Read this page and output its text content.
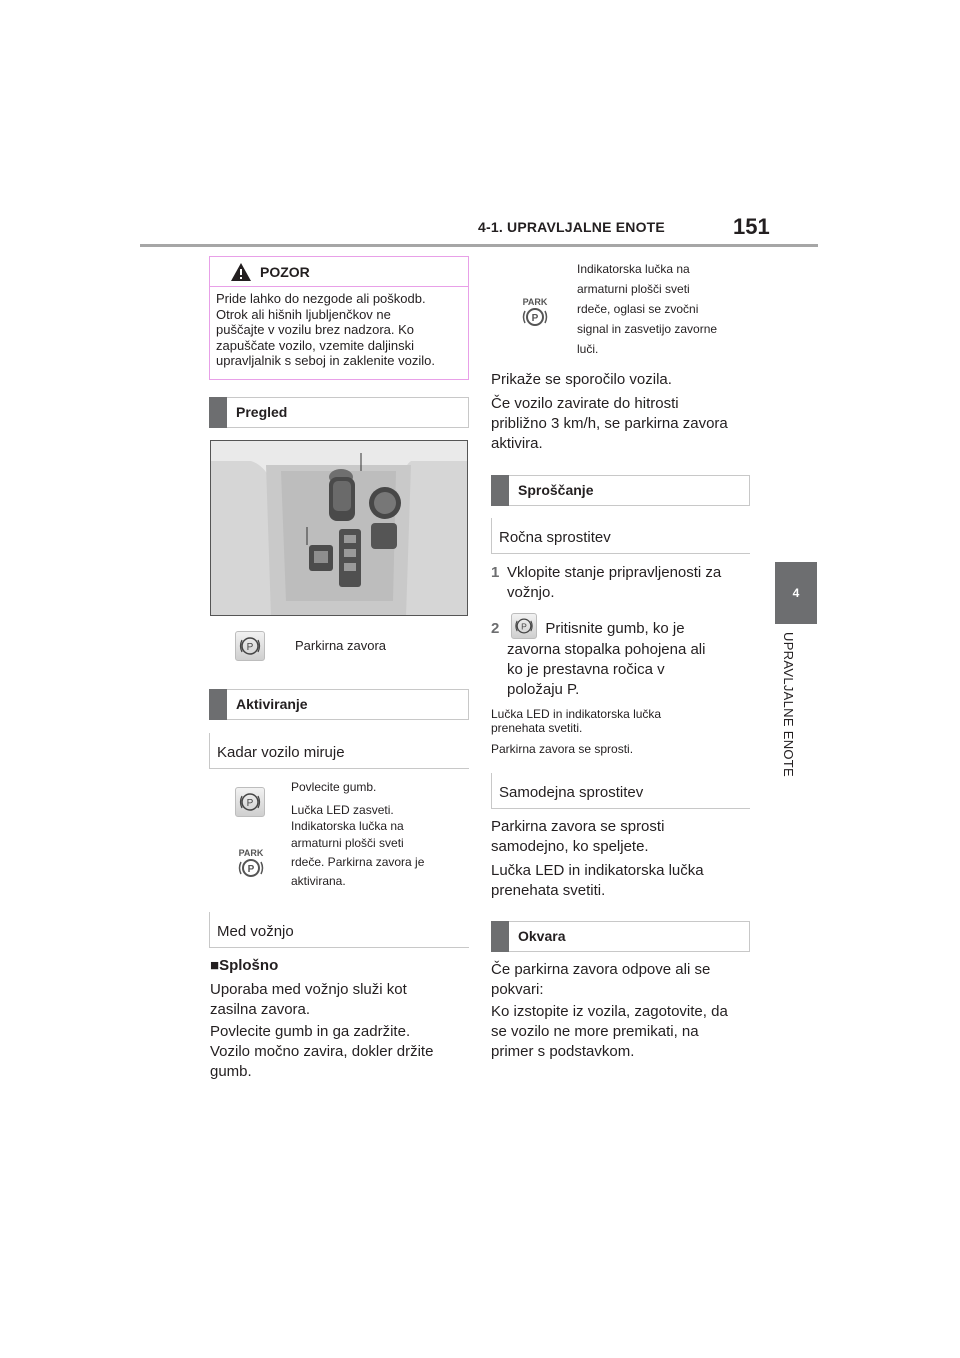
4-1. UPRAVLJALNE ENOTE	151
4
UPRAVLJALNE ENOTE
POZOR
Pride lahko do nezgode ali poškodb.
Otrok ali hišnih ljubljenčkov ne
puščajte v vozilu brez nadzora. Ko
zapuščate vozilo, vzemite daljinski
upravljalnik s seboj in zaklenite vozilo.
Pregled
P	Parkirna zavora
Aktiviranje
Kadar vozilo miruje
P
PARK
P
Povlecite gumb.
Lučka LED zasveti.
Indikatorska lučka na
armaturni plošči sveti
rdeče. Parkirna zavora je
aktivirana.
Med vožnjo
■Splošno
Uporaba med vožnjo služi kot
zasilna zavora.
Povlecite gumb in ga zadržite.
Vozilo močno zavira, dokler držite
gumb.
PARK
P
Indikatorska lučka na
armaturni plošči sveti
rdeče, oglasi se zvočni
signal in zasvetijo zavorne
luči.
Prikaže se sporočilo vozila.
Če vozilo zavirate do hitrosti
približno 3 km/h, se parkirna zavora
aktivira.
Sproščanje
Ročna sprostitev
1 Vklopite stanje pripravljenosti za
vožnjo.
2 P Pritisnite gumb, ko je
zavorna stopalka pohojena ali
ko je prestavna ročica v
položaju P.
Lučka LED in indikatorska lučka
prenehata svetiti.
Parkirna zavora se sprosti.
Samodejna sprostitev
Parkirna zavora se sprosti
samodejno, ko speljete.
Lučka LED in indikatorska lučka
prenehata svetiti.
Okvara
Če parkirna zavora odpove ali se
pokvari:
Ko izstopite iz vozila, zagotovite, da
se vozilo ne more premikati, na
primer s podstavkom.
